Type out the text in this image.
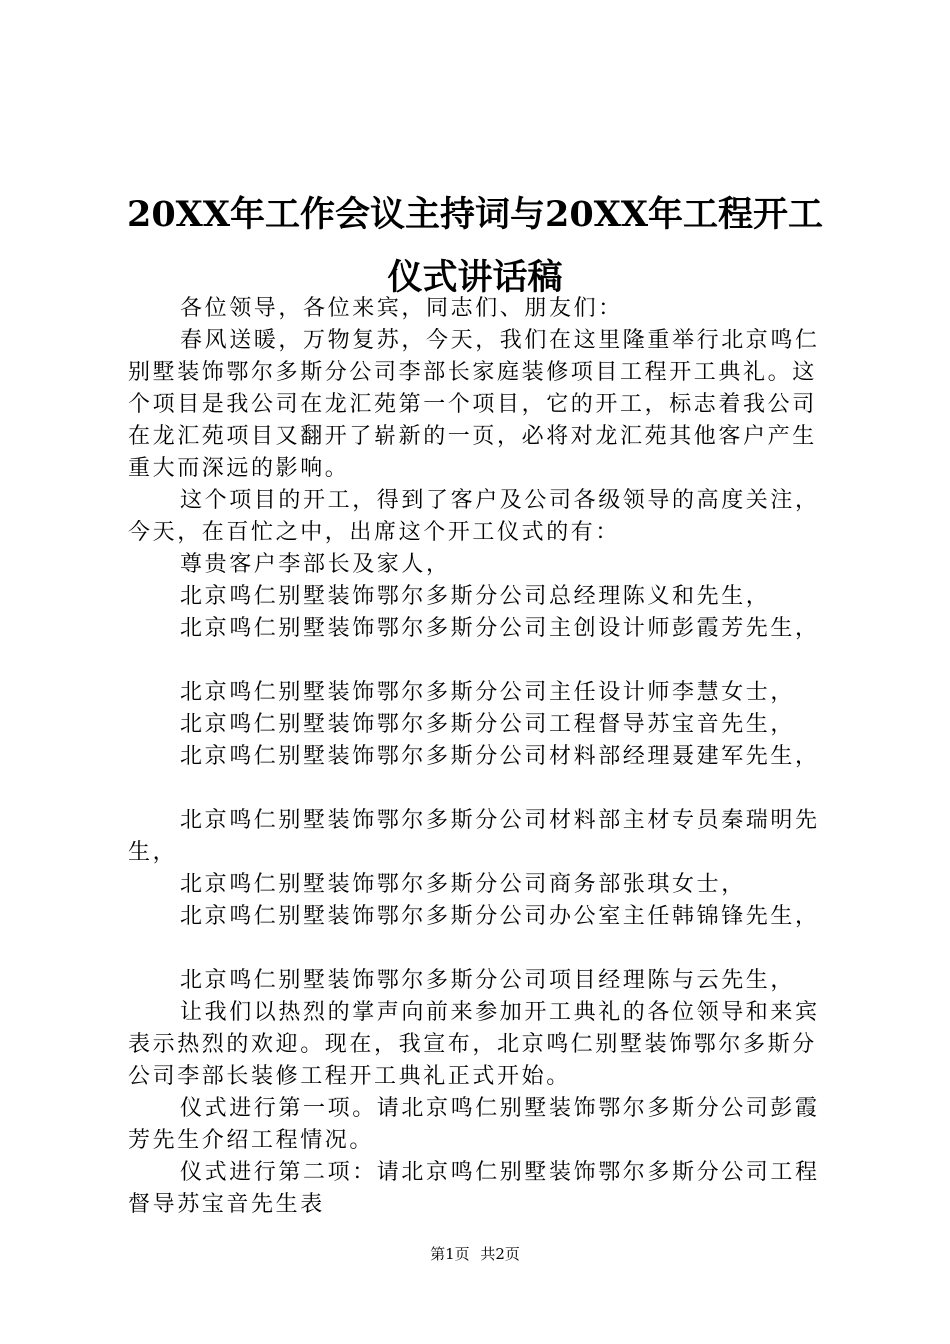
20XX年工作会议主持词与20XX年工程开工仪式讲话稿

各位领导，各位来宾，同志们、朋友们：

春风送暖，万物复苏，今天，我们在这里隆重举行北京鸣仁别墅装饰鄂尔多斯分公司李部长家庭装修项目工程开工典礼。这个项目是我公司在龙汇苑第一个项目，它的开工，标志着我公司在龙汇苑项目又翻开了崭新的一页，必将对龙汇苑其他客户产生重大而深远的影响。

这个项目的开工，得到了客户及公司各级领导的高度关注，今天，在百忙之中，出席这个开工仪式的有：

尊贵客户李部长及家人，

北京鸣仁别墅装饰鄂尔多斯分公司总经理陈义和先生，

北京鸣仁别墅装饰鄂尔多斯分公司主创设计师彭霞芳先生，

北京鸣仁别墅装饰鄂尔多斯分公司主任设计师李慧女士，

北京鸣仁别墅装饰鄂尔多斯分公司工程督导苏宝音先生，

北京鸣仁别墅装饰鄂尔多斯分公司材料部经理聂建军先生，

北京鸣仁别墅装饰鄂尔多斯分公司材料部主材专员秦瑞明先生，

北京鸣仁别墅装饰鄂尔多斯分公司商务部张琪女士，

北京鸣仁别墅装饰鄂尔多斯分公司办公室主任韩锦锋先生，

北京鸣仁别墅装饰鄂尔多斯分公司项目经理陈与云先生，

让我们以热烈的掌声向前来参加开工典礼的各位领导和来宾表示热烈的欢迎。现在，我宣布，北京鸣仁别墅装饰鄂尔多斯分公司李部长装修工程开工典礼正式开始。

仪式进行第一项。请北京鸣仁别墅装饰鄂尔多斯分公司彭霞芳先生介绍工程情况。

仪式进行第二项：请北京鸣仁别墅装饰鄂尔多斯分公司工程督导苏宝音先生表

第1页 共2页
